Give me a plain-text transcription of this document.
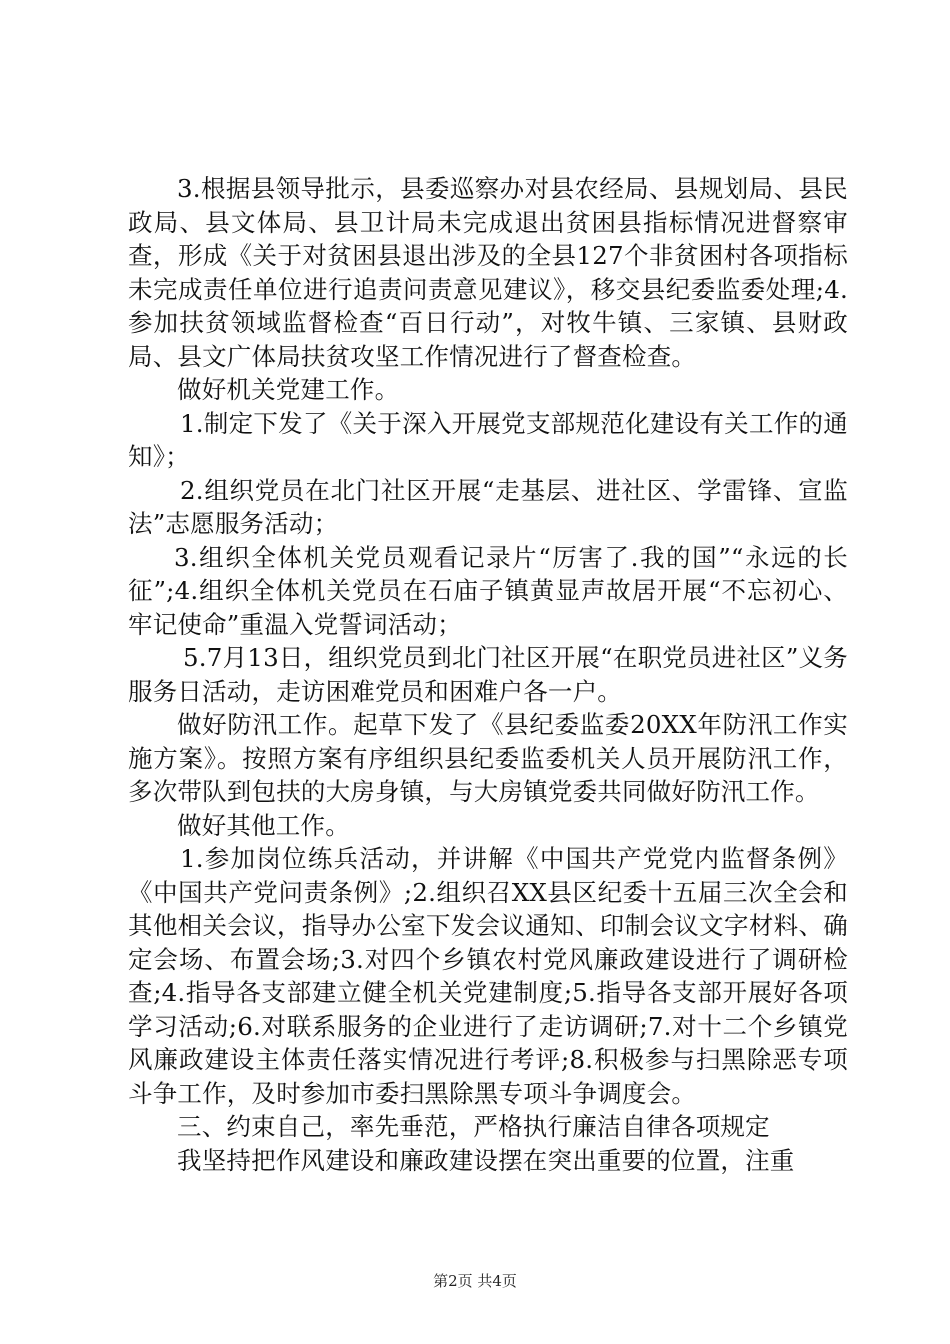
3.根据县领导批示，县委巡察办对县农经局、县规划局、县民政局、县文体局、县卫计局未完成退出贫困县指标情况进督察审查，形成《关于对贫困县退出涉及的全县127个非贫困村各项指标未完成责任单位进行追责问责意见建议》，移交县纪委监委处理;4.参加扶贫领域监督检查“百日行动”，对牧牛镇、三家镇、县财政局、县文广体局扶贫攻坚工作情况进行了督查检查。

做好机关党建工作。

1.制定下发了《关于深入开展党支部规范化建设有关工作的通知》；

2.组织党员在北门社区开展“走基层、进社区、学雷锋、宣监法”志愿服务活动；

3.组织全体机关党员观看记录片“厉害了.我的国”“永远的长征”;4.组织全体机关党员在石庙子镇黄显声故居开展“不忘初心、牢记使命”重温入党誓词活动；

5.7月13日，组织党员到北门社区开展“在职党员进社区”义务服务日活动，走访困难党员和困难户各一户。

做好防汛工作。起草下发了《县纪委监委20XX年防汛工作实施方案》。按照方案有序组织县纪委监委机关人员开展防汛工作，多次带队到包扶的大房身镇，与大房镇党委共同做好防汛工作。

做好其他工作。

1.参加岗位练兵活动，并讲解《中国共产党党内监督条例》《中国共产党问责条例》;2.组织召XX县区纪委十五届三次全会和其他相关会议，指导办公室下发会议通知、印制会议文字材料、确定会场、布置会场;3.对四个乡镇农村党风廉政建设进行了调研检查;4.指导各支部建立健全机关党建制度;5.指导各支部开展好各项学习活动;6.对联系服务的企业进行了走访调研;7.对十二个乡镇党风廉政建设主体责任落实情况进行考评;8.积极参与扫黑除恶专项斗争工作，及时参加市委扫黑除黑专项斗争调度会。

三、约束自己，率先垂范，严格执行廉洁自律各项规定

我坚持把作风建设和廉政建设摆在突出重要的位置，注重

第2页 共4页
